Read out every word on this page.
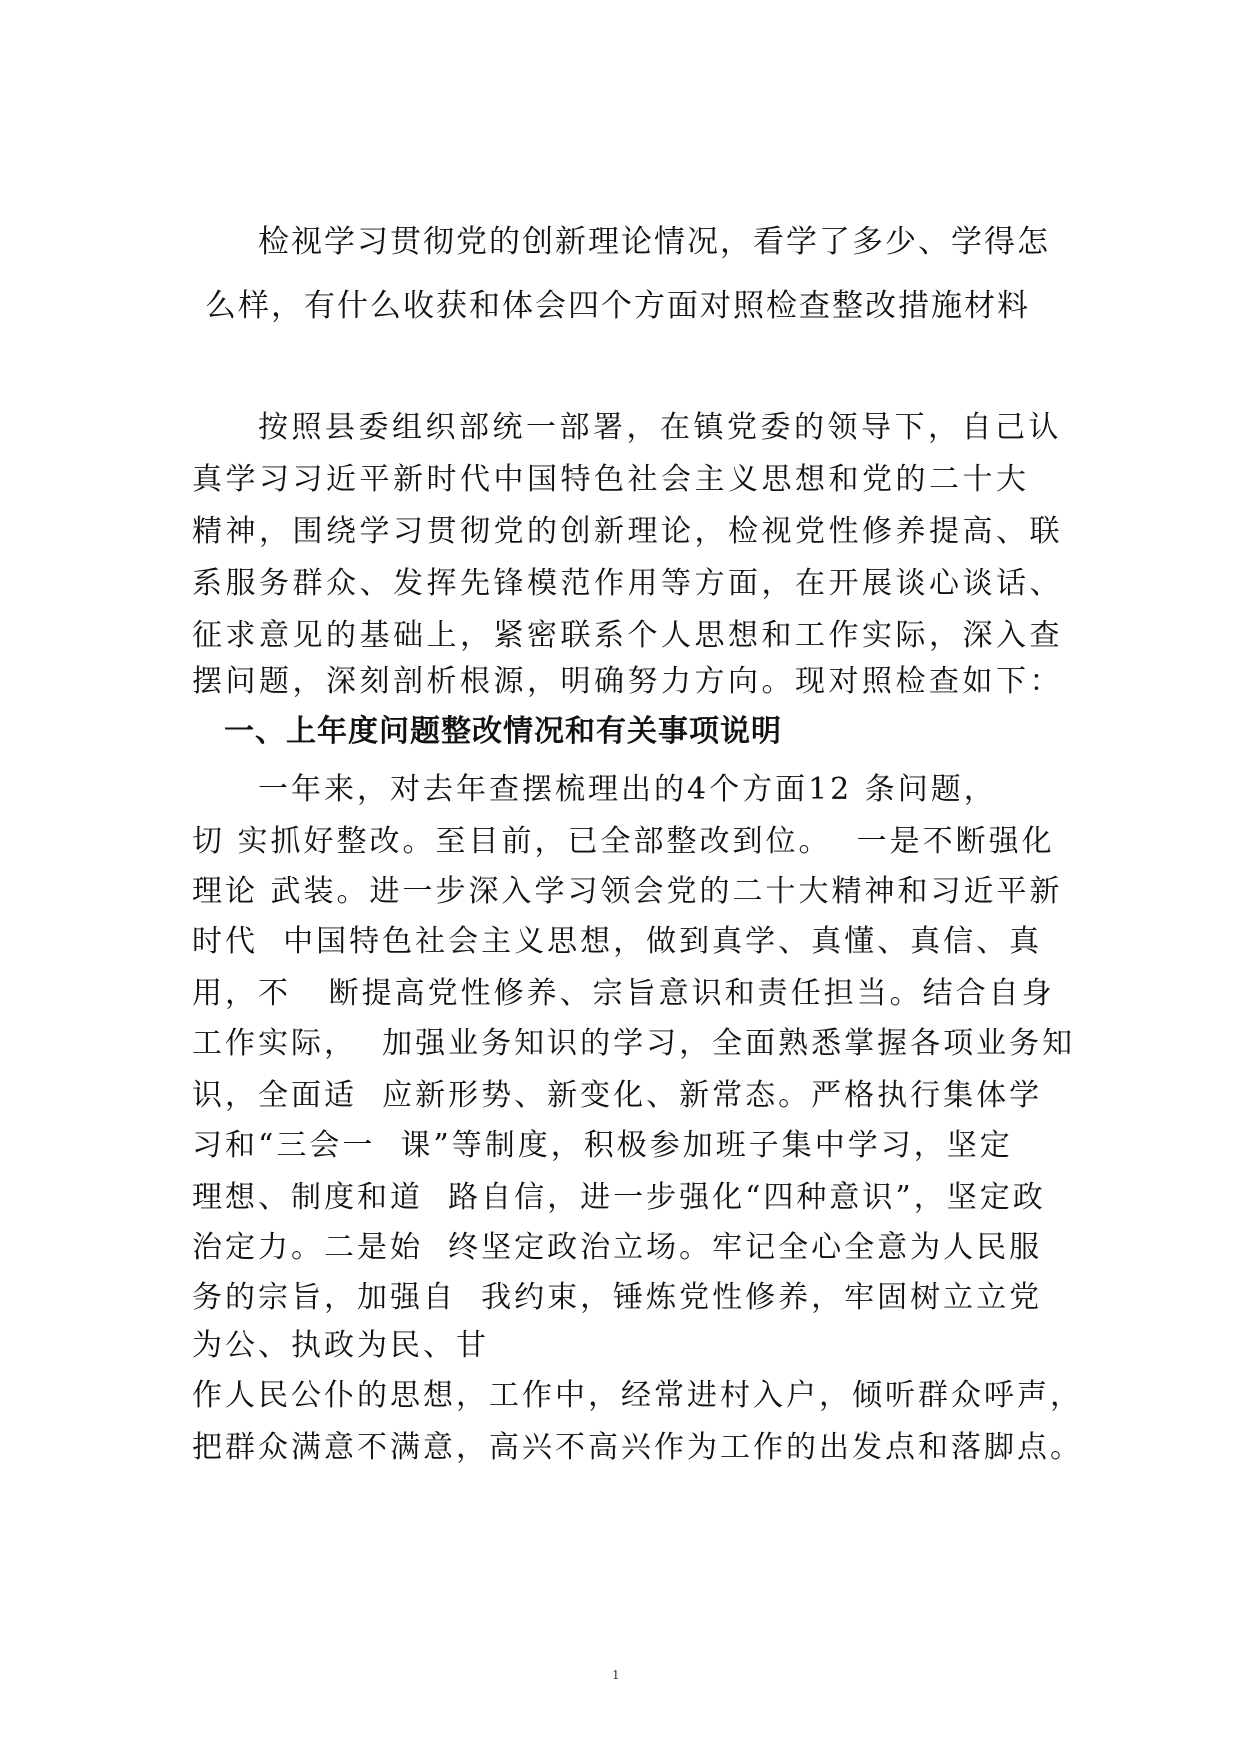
检视学习贯彻党的创新理论情况，看学了多少、学得怎
么样，有什么收获和体会四个方面对照检查整改措施材料
按照县委组织部统一部署，在镇党委的领导下，自己认
真学习习近平新时代中国特色社会主义思想和党的二十大
精神，围绕学习贯彻党的创新理论，检视党性修养提高、联
系服务群众、发挥先锋模范作用等方面，在开展谈心谈话、
征求意见的基础上，紧密联系个人思想和工作实际，深入查
摆问题，深刻剖析根源，明确努力方向。现对照检查如下：
一、上年度问题整改情况和有关事项说明
一年来，对去年查摆梳理出的4个方面12 条问题，
切 实抓好整改。至目前，已全部整改到位。  一是不断强化
理论 武装。进一步深入学习领会党的二十大精神和习近平新
时代  中国特色社会主义思想，做到真学、真懂、真信、真
用，不   断提高党性修养、宗旨意识和责任担当。结合自身
工作实际，  加强业务知识的学习，全面熟悉掌握各项业务知
识，全面适  应新形势、新变化、新常态。严格执行集体学
习和“三会一  课”等制度，积极参加班子集中学习，坚定
理想、制度和道  路自信，进一步强化“四种意识”，坚定政
治定力。二是始  终坚定政治立场。牢记全心全意为人民服
务的宗旨，加强自  我约束，锤炼党性修养，牢固树立立党
为公、执政为民、甘
作人民公仆的思想，工作中，经常进村入户，倾听群众呼声，
把群众满意不满意，高兴不高兴作为工作的出发点和落脚点。
1
